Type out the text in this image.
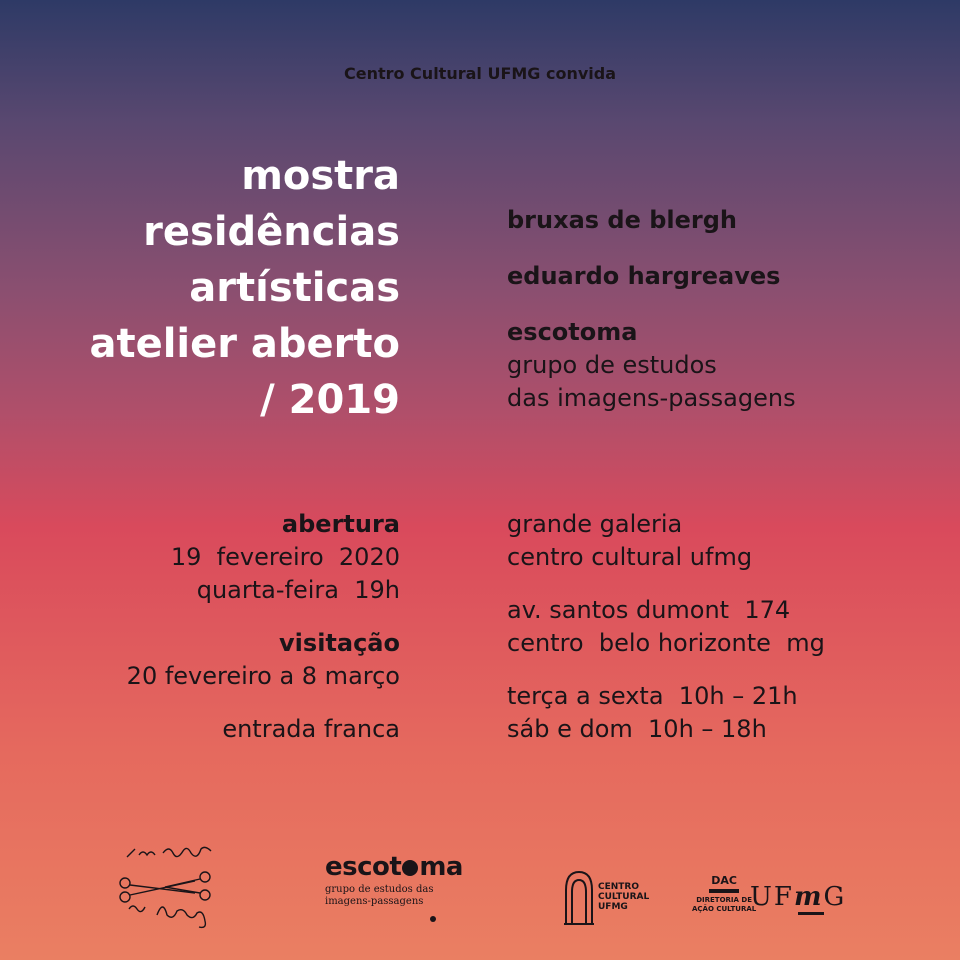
Centro Cultural UFMG convida
mostra
residências
artísticas
atelier aberto
/ 2019
bruxas de blergh
eduardo hargreaves
escotoma
grupo de estudos
das imagens-passagens
abertura
19  fevereiro  2020
quarta-feira  19h
visitação
20 fevereiro a 8 março
entrada franca
grande galeria
centro cultural ufmg
av. santos dumont  174
centro  belo horizonte  mg
terça a sexta  10h – 21h
sáb e dom  10h – 18h
escot ma
grupo de estudos das
imagens-passagens
CENTRO
CULTURAL
UFMG
DAC
DIRETORIA DE
AÇÃO CULTURAL
UFmG
